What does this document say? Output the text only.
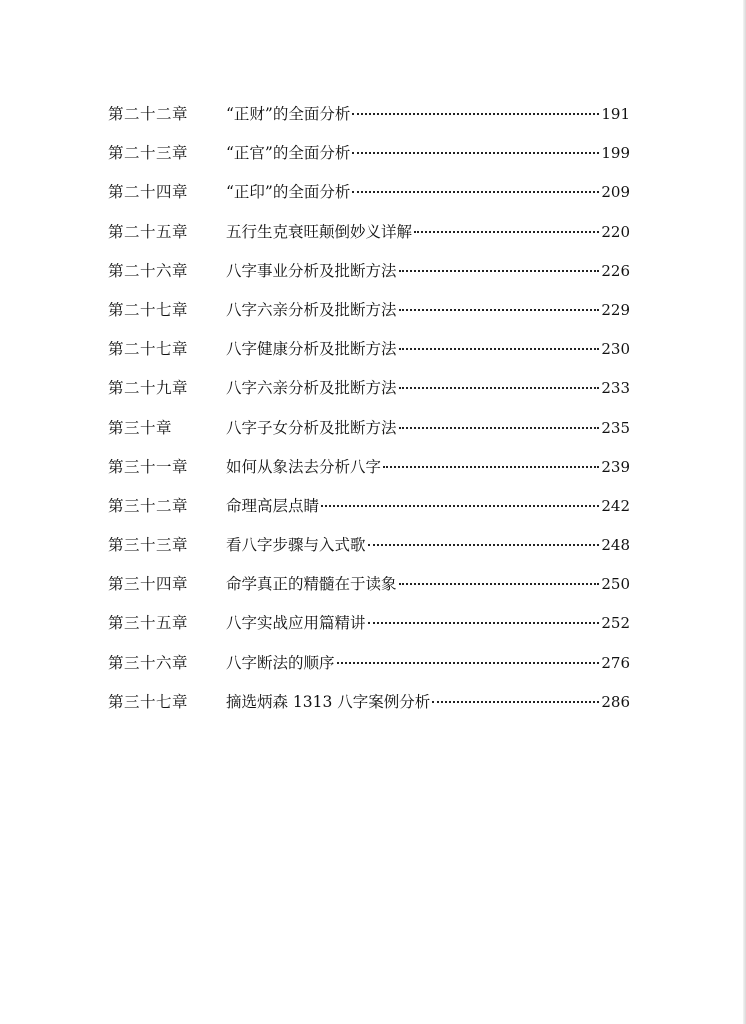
第二十二章	“正财”的全面分析	191
第二十三章	“正官”的全面分析	199
第二十四章	“正印”的全面分析	209
第二十五章	五行生克衰旺颠倒妙义详解	220
第二十六章	八字事业分析及批断方法	226
第二十七章	八字六亲分析及批断方法	229
第二十七章	八字健康分析及批断方法	230
第二十九章	八字六亲分析及批断方法	233
第三十章	八字子女分析及批断方法	235
第三十一章	如何从象法去分析八字	239
第三十二章	命理高层点睛	242
第三十三章	看八字步骤与入式歌	248
第三十四章	命学真正的精髓在于读象	250
第三十五章	八字实战应用篇精讲	252
第三十六章	八字断法的顺序	276
第三十七章	摘选炳森 1313 八字案例分析	286
